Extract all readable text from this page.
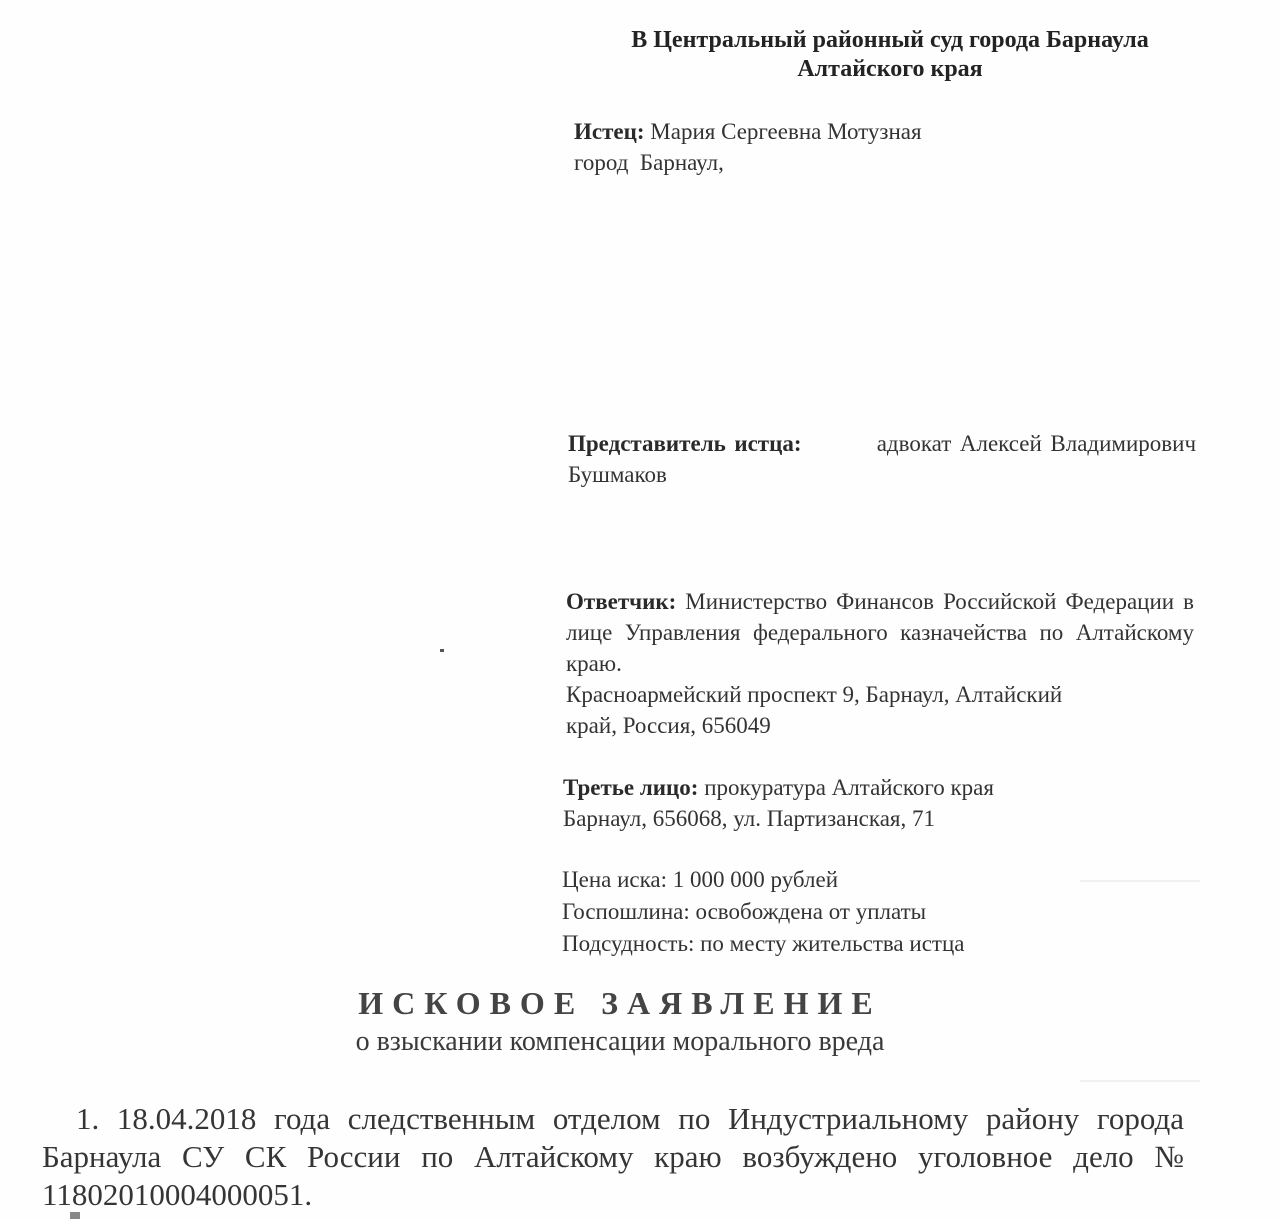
В Центральный районный суд города Барнаула
Алтайского края
Истец: Мария Сергеевна Мотузная
город  Барнаул,
Представитель истца:	адвокат Алексей Владимирович Бушмаков
Ответчик: Министерство Финансов Российской Федерации в лице Управления федерального казначейства по Алтайскому краю.
Красноармейский проспект 9, Барнаул, Алтайский
край, Россия, 656049
Третье лицо: прокуратура Алтайского края
Барнаул, 656068, ул. Партизанская, 71
Цена иска: 1 000 000 рублей
Госпошлина: освобождена от уплаты
Подсудность: по месту жительства истца
ИСКОВОЕ ЗАЯВЛЕНИЕ
о взыскании компенсации морального вреда
1. 18.04.2018 года следственным отделом по Индустриальному району города Барнаула СУ СК России по Алтайскому краю возбуждено уголовное дело № 11802010004000051.
